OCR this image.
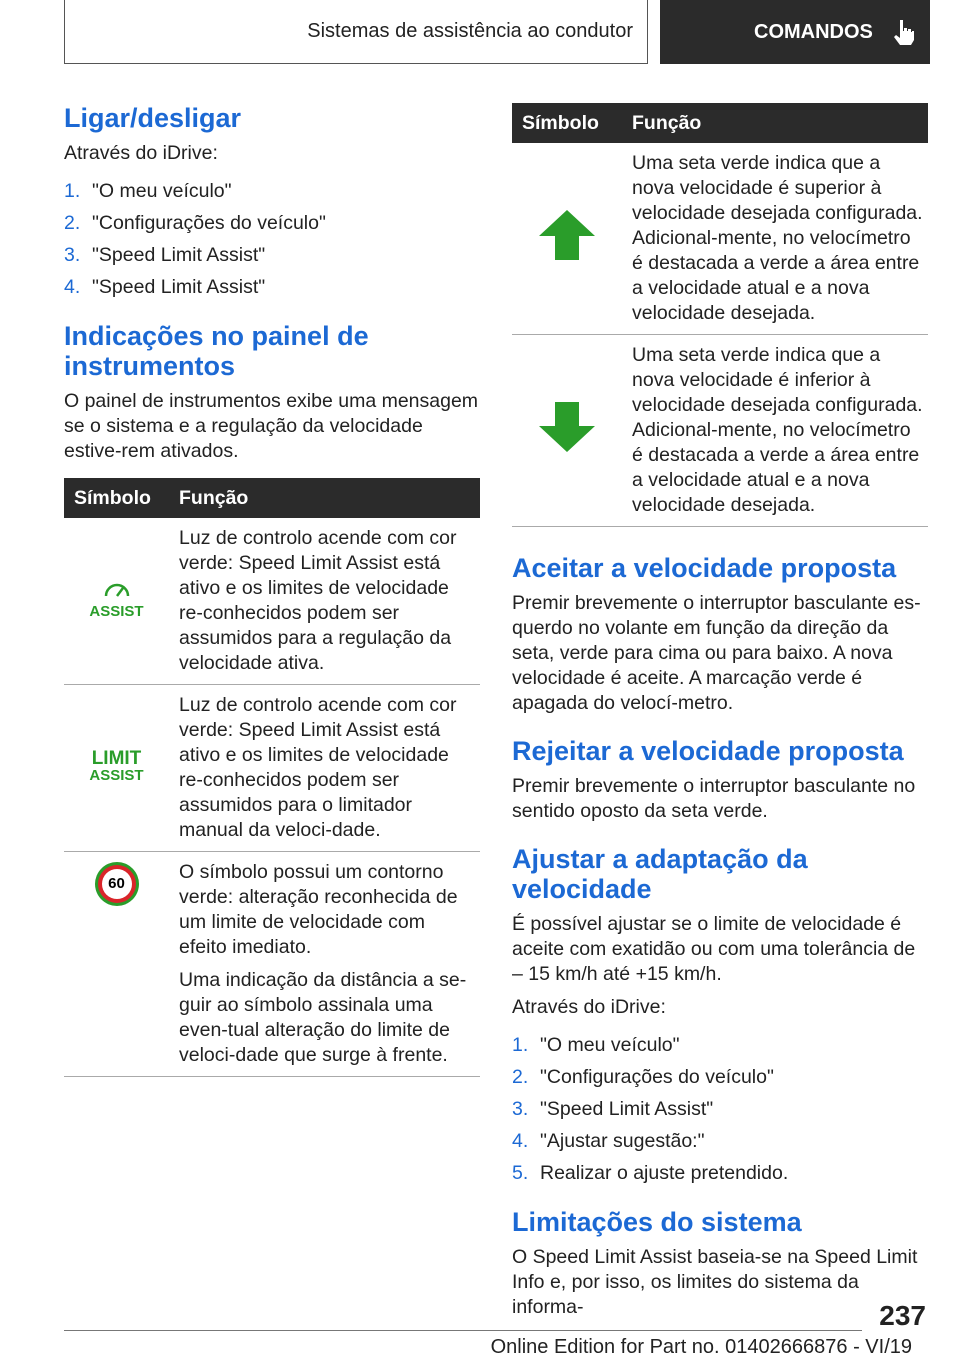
Sistemas de assistência ao condutor	COMANDOS
Ligar/desligar

Através do iDrive:

1. "O meu veículo"
2. "Configurações do veículo"
3. "Speed Limit Assist"
4. "Speed Limit Assist"
Indicações no painel de instrumentos

O painel de instrumentos exibe uma mensagem se o sistema e a regulação da velocidade estive-rem ativados.

Símbolo	Função

ASSIST	Luz de controlo acende com cor verde: Speed Limit Assist está ativo e os limites de velocidade re-conhecidos podem ser assumidos para a regulação da velocidade ativa.

LIMIT
ASSIST	Luz de controlo acende com cor verde: Speed Limit Assist está ativo e os limites de velocidade re-conhecidos podem ser assumidos para o limitador manual da veloci-dade.

60	O símbolo possui um contorno verde: alteração reconhecida de um limite de velocidade com efeito imediato.
Uma indicação da distância a se-guir ao símbolo assinala uma even-tual alteração do limite de veloci-dade que surge à frente.
Símbolo	Função
	Uma seta verde indica que a nova velocidade é superior à velocidade desejada configurada. Adicional-mente, no velocímetro é destacada a verde a área entre a velocidade atual e a nova velocidade desejada.
	Uma seta verde indica que a nova velocidade é inferior à velocidade desejada configurada. Adicional-mente, no velocímetro é destacada a verde a área entre a velocidade atual e a nova velocidade desejada.
Aceitar a velocidade proposta

Premir brevemente o interruptor basculante es-querdo no volante em função da direção da seta, verde para cima ou para baixo. A nova velocidade é aceite. A marcação verde é apagada do velocí-metro.

Rejeitar a velocidade proposta

Premir brevemente o interruptor basculante no sentido oposto da seta verde.

Ajustar a adaptação da velocidade

É possível ajustar se o limite de velocidade é aceite com exatidão ou com uma tolerância de – 15 km/h até +15 km/h.

Através do iDrive:

1. "O meu veículo"
2. "Configurações do veículo"
3. "Speed Limit Assist"
4. "Ajustar sugestão:"
5. Realizar o ajuste pretendido.
Limitações do sistema

O Speed Limit Assist baseia-se na Speed Limit Info e, por isso, os limites do sistema da informa-	237
Online Edition for Part no. 01402666876 - VI/19
